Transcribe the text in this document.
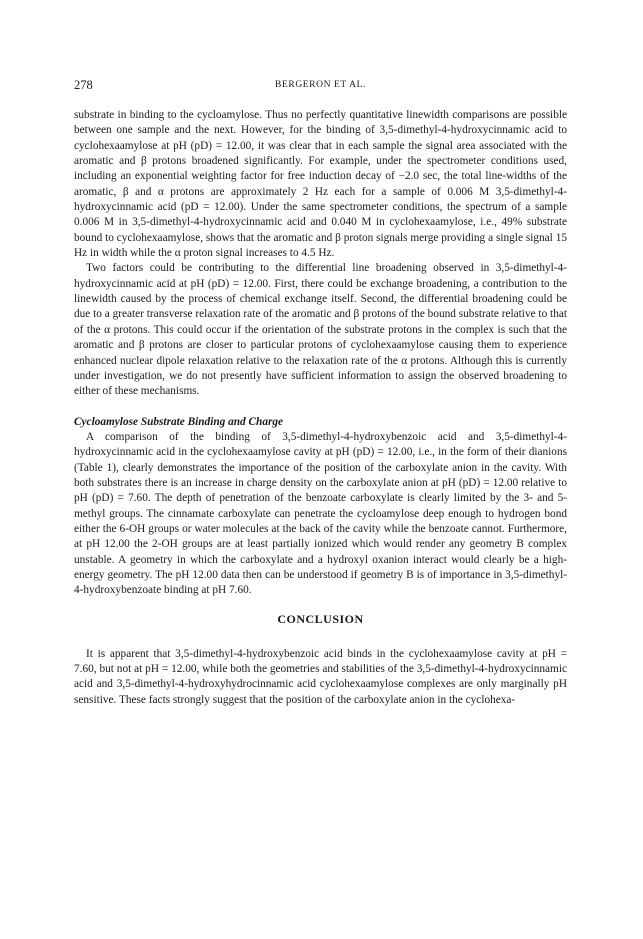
278	BERGERON ET AL.

substrate in binding to the cycloamylose. Thus no perfectly quantitative linewidth comparisons are possible between one sample and the next. However, for the binding of 3,5-dimethyl-4-hydroxycinnamic acid to cyclohexaamylose at pH (pD) = 12.00, it was clear that in each sample the signal area associated with the aromatic and β protons broadened significantly. For example, under the spectrometer conditions used, including an exponential weighting factor for free induction decay of −2.0 sec, the total line-widths of the aromatic, β and α protons are approximately 2 Hz each for a sample of 0.006 M 3,5-dimethyl-4-hydroxycinnamic acid (pD = 12.00). Under the same spectrometer conditions, the spectrum of a sample 0.006 M in 3,5-dimethyl-4-hydroxycinnamic acid and 0.040 M in cyclohexaamylose, i.e., 49% substrate bound to cyclohexaamylose, shows that the aromatic and β proton signals merge providing a single signal 15 Hz in width while the α proton signal increases to 4.5 Hz.

Two factors could be contributing to the differential line broadening observed in 3,5-dimethyl-4-hydroxycinnamic acid at pH (pD) = 12.00. First, there could be exchange broadening, a contribution to the linewidth caused by the process of chemical exchange itself. Second, the differential broadening could be due to a greater transverse relaxation rate of the aromatic and β protons of the bound substrate relative to that of the α protons. This could occur if the orientation of the substrate protons in the complex is such that the aromatic and β protons are closer to particular protons of cyclohexaamylose causing them to experience enhanced nuclear dipole relaxation relative to the relaxation rate of the α protons. Although this is currently under investigation, we do not presently have sufficient information to assign the observed broadening to either of these mechanisms.

Cycloamylose Substrate Binding and Charge

A comparison of the binding of 3,5-dimethyl-4-hydroxybenzoic acid and 3,5-dimethyl-4-hydroxycinnamic acid in the cyclohexaamylose cavity at pH (pD) = 12.00, i.e., in the form of their dianions (Table 1), clearly demonstrates the importance of the position of the carboxylate anion in the cavity. With both substrates there is an increase in charge density on the carboxylate anion at pH (pD) = 12.00 relative to pH (pD) = 7.60. The depth of penetration of the benzoate carboxylate is clearly limited by the 3- and 5-methyl groups. The cinnamate carboxylate can penetrate the cycloamylose deep enough to hydrogen bond either the 6-OH groups or water molecules at the back of the cavity while the benzoate cannot. Furthermore, at pH 12.00 the 2-OH groups are at least partially ionized which would render any geometry B complex unstable. A geometry in which the carboxylate and a hydroxyl oxanion interact would clearly be a high-energy geometry. The pH 12.00 data then can be understood if geometry B is of importance in 3,5-dimethyl-4-hydroxybenzoate binding at pH 7.60.

CONCLUSION

It is apparent that 3,5-dimethyl-4-hydroxybenzoic acid binds in the cyclohexaamylose cavity at pH = 7.60, but not at pH = 12.00, while both the geometries and stabilities of the 3,5-dimethyl-4-hydroxycinnamic acid and 3,5-dimethyl-4-hydroxyhydrocinnamic acid cyclohexaamylose complexes are only marginally pH sensitive. These facts strongly suggest that the position of the carboxylate anion in the cyclohexa-
